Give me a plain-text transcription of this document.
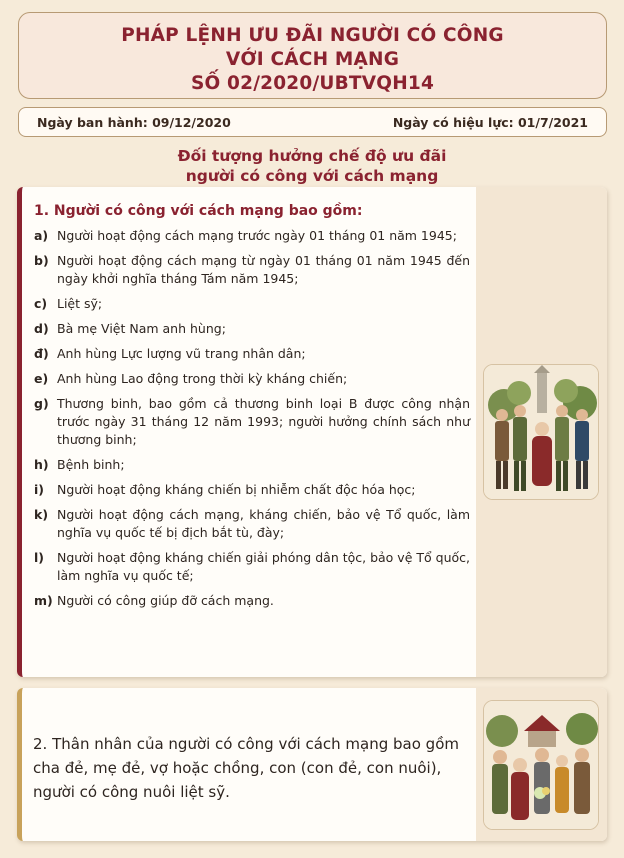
PHÁP LỆNH ƯU ĐÃI NGƯỜI CÓ CÔNG
VỚI CÁCH MẠNG
SỐ 02/2020/UBTVQH14
Ngày ban hành: 09/12/2020	Ngày có hiệu lực: 01/7/2021
Đối tượng hưởng chế độ ưu đãi
người có công với cách mạng
1. Người có công với cách mạng bao gồm:
a) Người hoạt động cách mạng trước ngày 01 tháng 01 năm 1945;
b) Người hoạt động cách mạng từ ngày 01 tháng 01 năm 1945 đến ngày khởi nghĩa tháng Tám năm 1945;
c) Liệt sỹ;
d) Bà mẹ Việt Nam anh hùng;
đ) Anh hùng Lực lượng vũ trang nhân dân;
e) Anh hùng Lao động trong thời kỳ kháng chiến;
g) Thương binh, bao gồm cả thương binh loại B được công nhận trước ngày 31 tháng 12 năm 1993; người hưởng chính sách như thương binh;
h) Bệnh binh;
i)	Người hoạt động kháng chiến bị nhiễm chất độc hóa học;
k) Người hoạt động cách mạng, kháng chiến, bảo vệ Tổ quốc, làm nghĩa vụ quốc tế bị địch bắt tù, đày;
l)	Người hoạt động kháng chiến giải phóng dân tộc, bảo vệ Tổ quốc, làm nghĩa vụ quốc tế;
m) Người có công giúp đỡ cách mạng.
2. Thân nhân của người có công với cách mạng bao gồm cha đẻ, mẹ đẻ, vợ hoặc chồng, con (con đẻ, con nuôi), người có công nuôi liệt sỹ.
